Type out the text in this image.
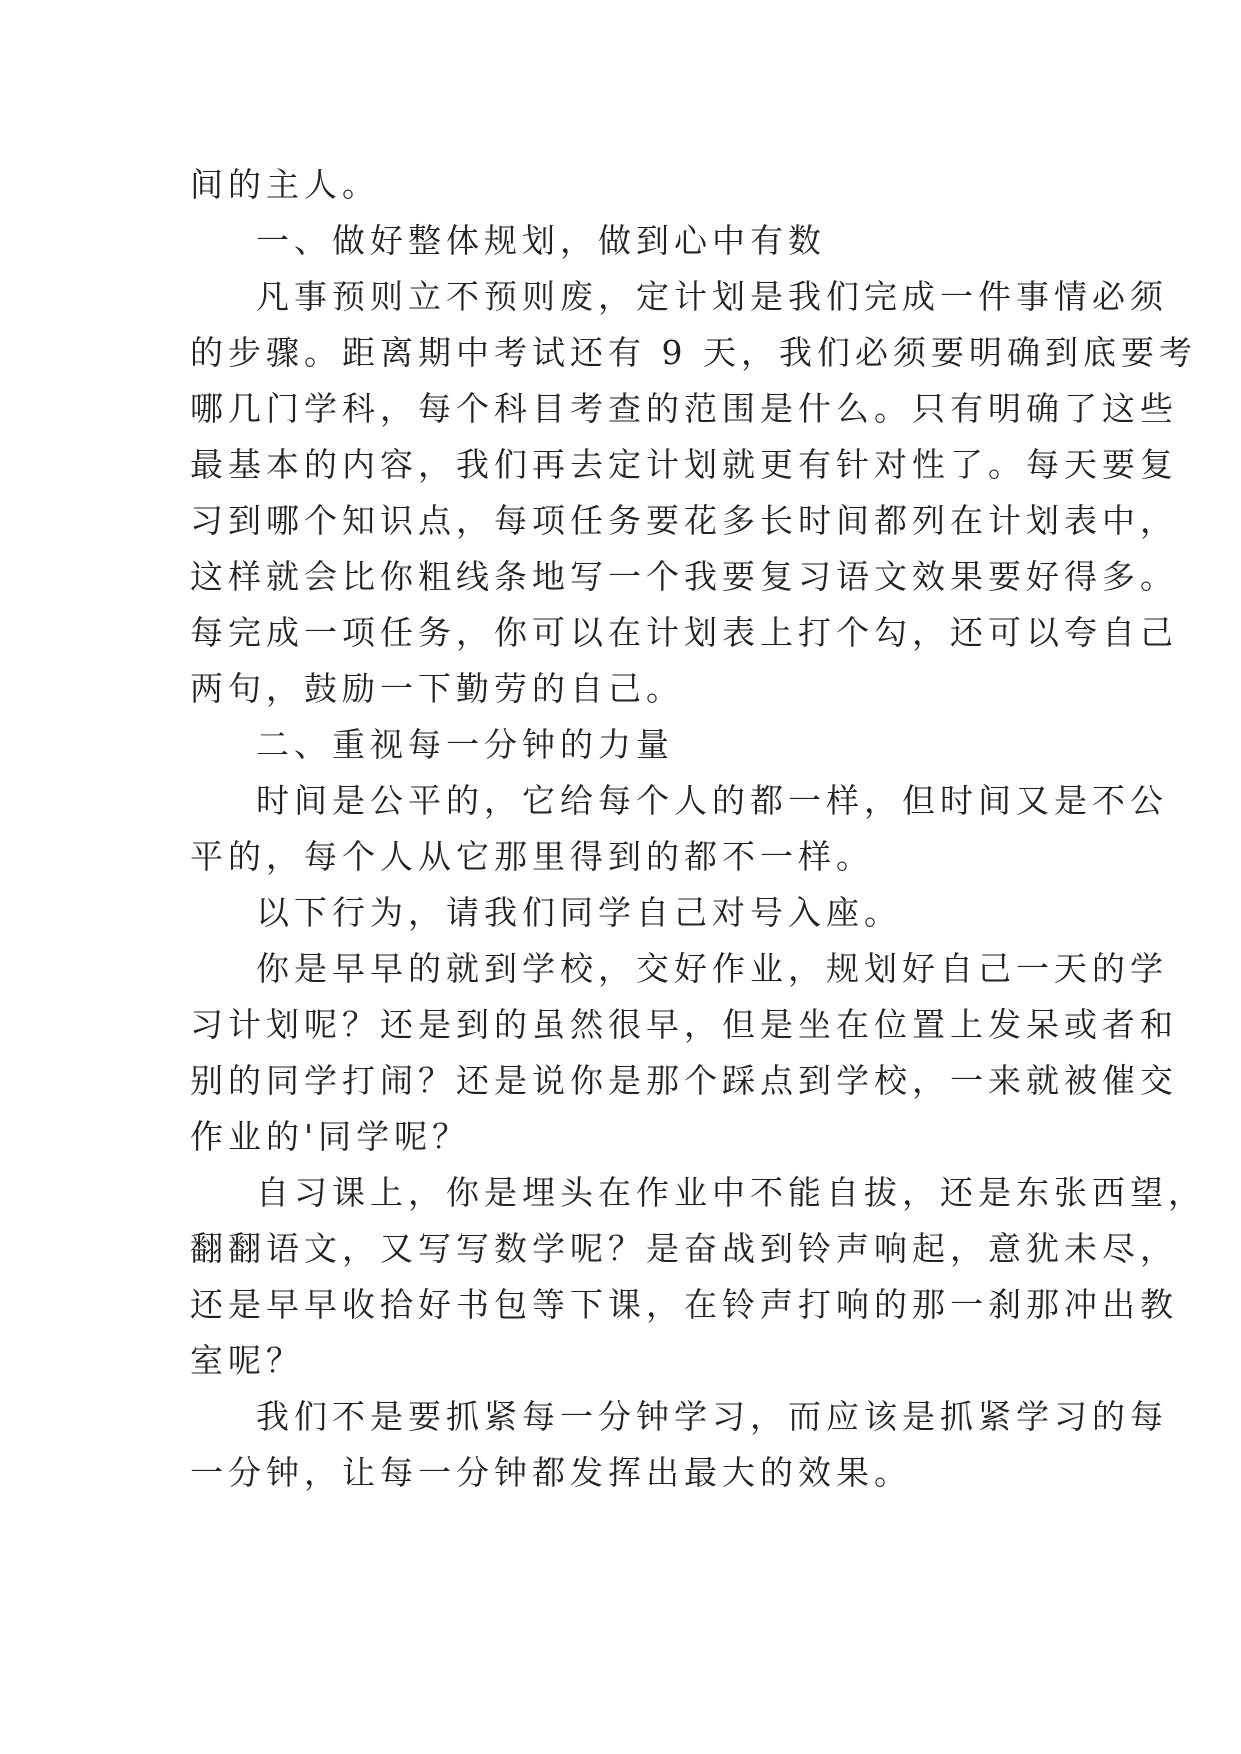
间的主人。
一、做好整体规划，做到心中有数
凡事预则立不预则废，定计划是我们完成一件事情必须
的步骤。距离期中考试还有 9 天，我们必须要明确到底要考
哪几门学科，每个科目考查的范围是什么。只有明确了这些
最基本的内容，我们再去定计划就更有针对性了。每天要复
习到哪个知识点，每项任务要花多长时间都列在计划表中，
这样就会比你粗线条地写一个我要复习语文效果要好得多。
每完成一项任务，你可以在计划表上打个勾，还可以夸自己
两句，鼓励一下勤劳的自己。
二、重视每一分钟的力量
时间是公平的，它给每个人的都一样，但时间又是不公
平的，每个人从它那里得到的都不一样。
以下行为，请我们同学自己对号入座。
你是早早的就到学校，交好作业，规划好自己一天的学
习计划呢？还是到的虽然很早，但是坐在位置上发呆或者和
别的同学打闹？还是说你是那个踩点到学校，一来就被催交
作业的'同学呢？
自习课上，你是埋头在作业中不能自拔，还是东张西望，
翻翻语文，又写写数学呢？是奋战到铃声响起，意犹未尽，
还是早早收拾好书包等下课，在铃声打响的那一刹那冲出教
室呢？
我们不是要抓紧每一分钟学习，而应该是抓紧学习的每
一分钟，让每一分钟都发挥出最大的效果。
